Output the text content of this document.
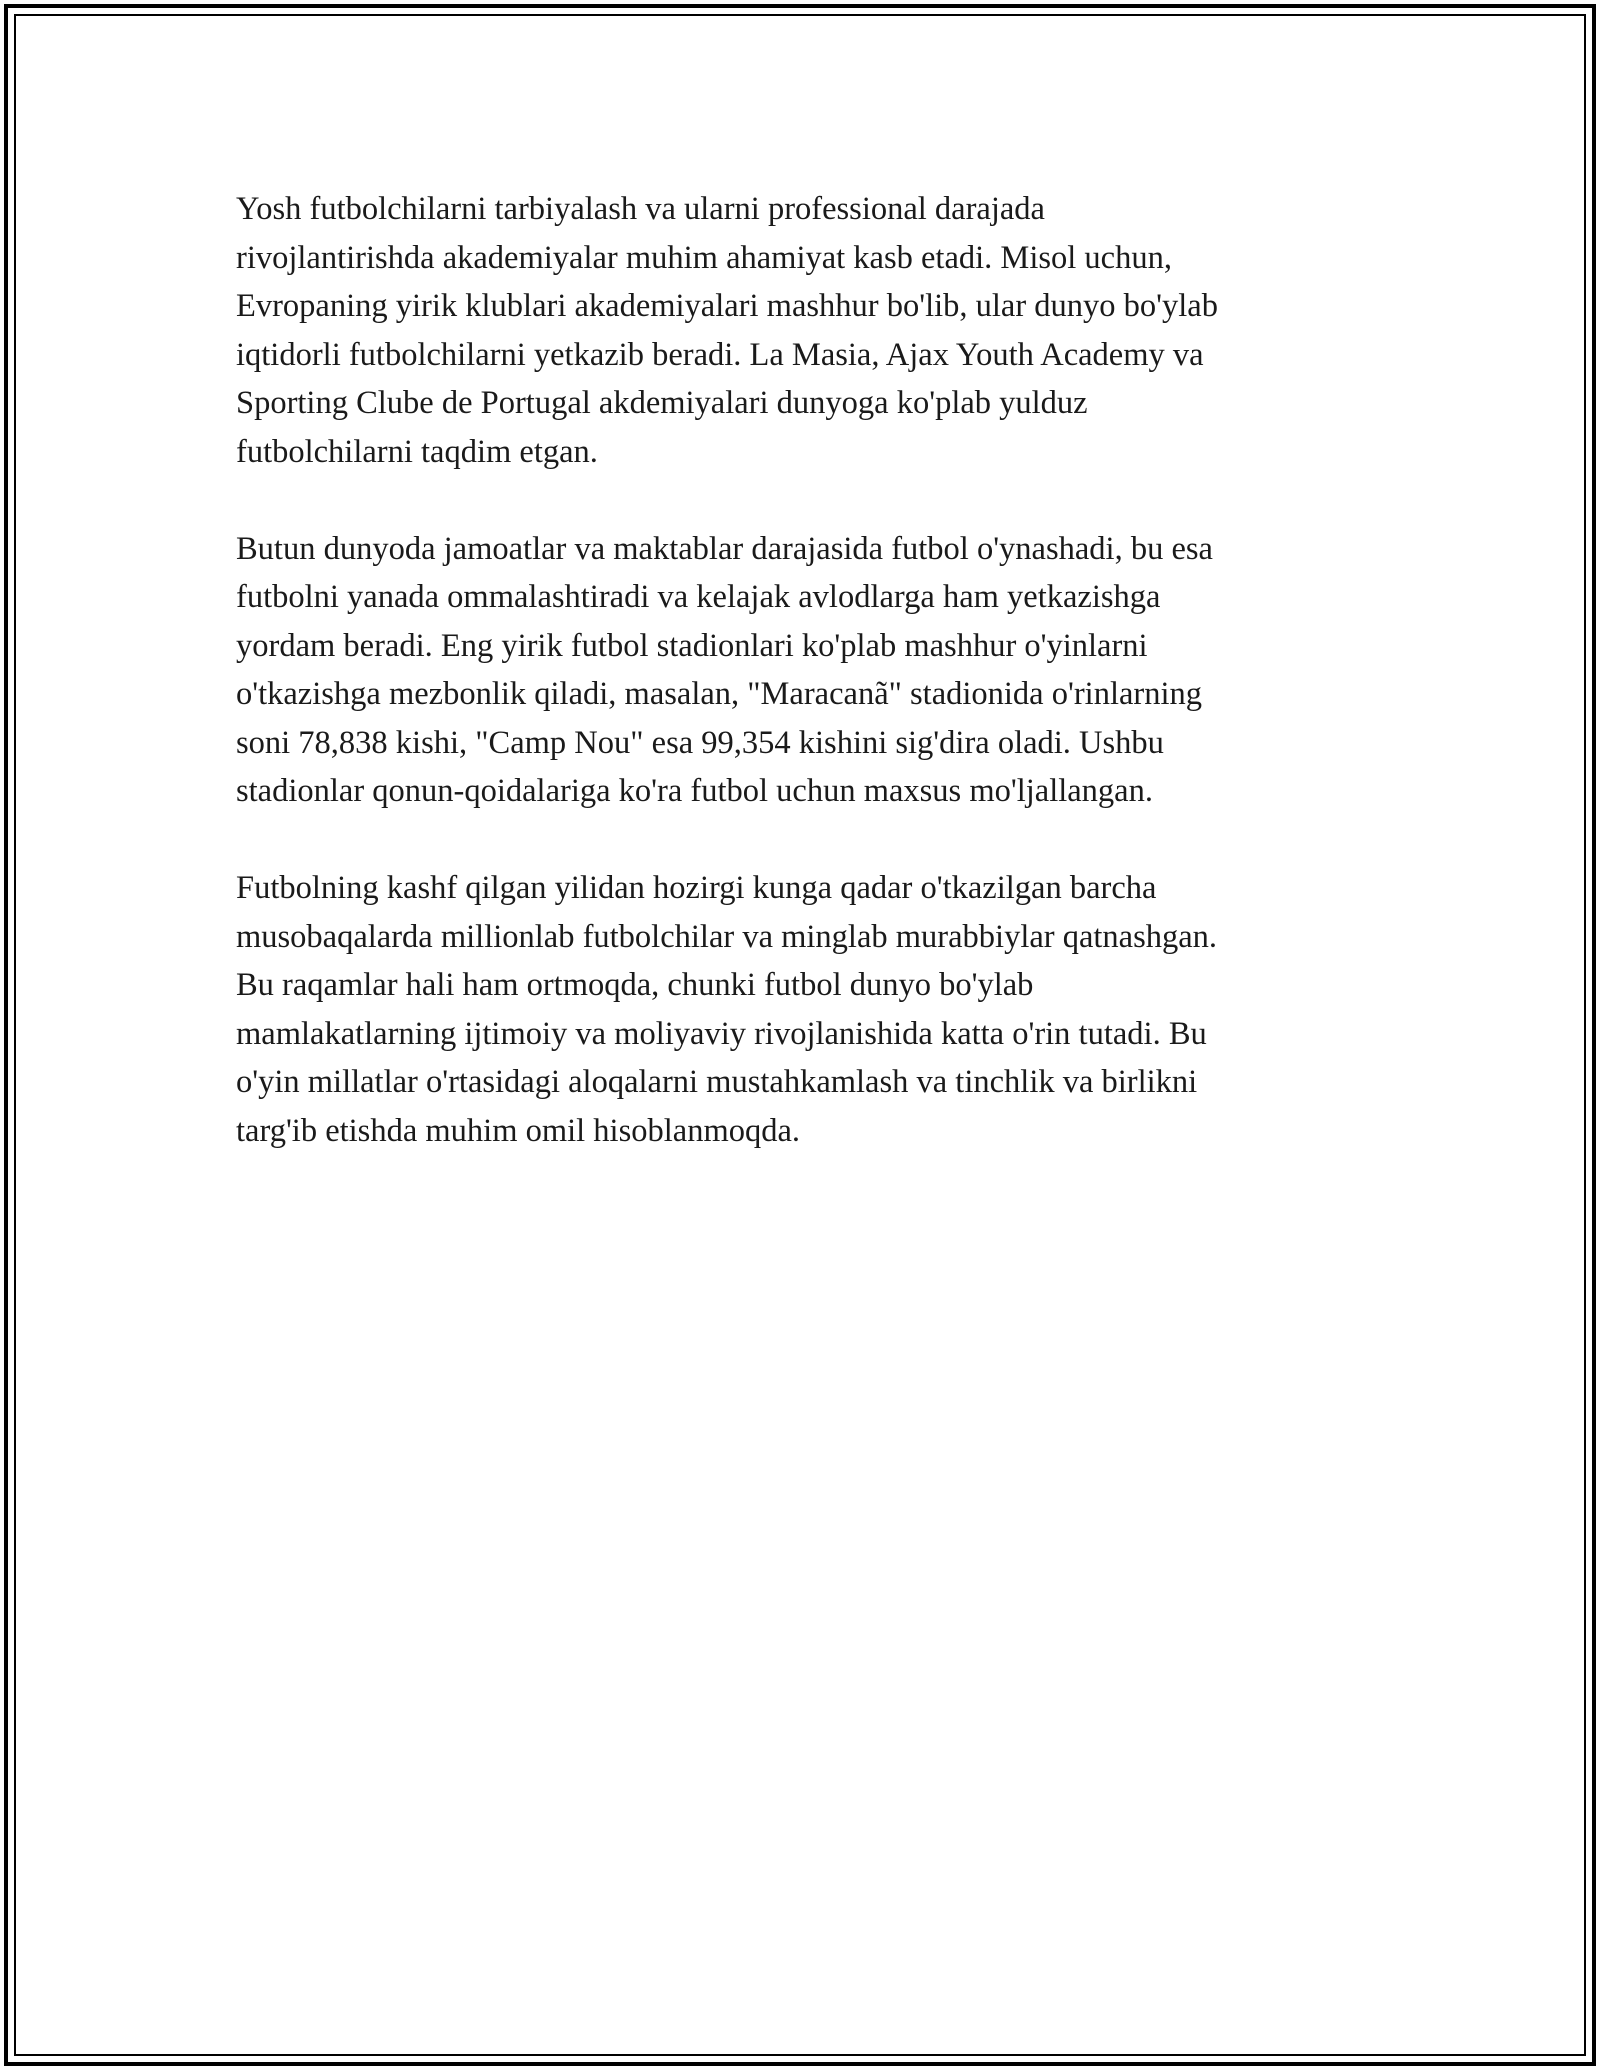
Yosh futbolchilarni tarbiyalash va ularni professional darajada
rivojlantirishda akademiyalar muhim ahamiyat kasb etadi. Misol uchun,
Evropaning yirik klublari akademiyalari mashhur bo'lib, ular dunyo bo'ylab
iqtidorli futbolchilarni yetkazib beradi. La Masia, Ajax Youth Academy va
Sporting Clube de Portugal akdemiyalari dunyoga ko'plab yulduz
futbolchilarni taqdim etgan.

Butun dunyoda jamoatlar va maktablar darajasida futbol o'ynashadi, bu esa
futbolni yanada ommalashtiradi va kelajak avlodlarga ham yetkazishga
yordam beradi. Eng yirik futbol stadionlari ko'plab mashhur o'yinlarni
o'tkazishga mezbonlik qiladi, masalan, "Maracanã" stadionida o'rinlarning
soni 78,838 kishi, "Camp Nou" esa 99,354 kishini sig'dira oladi. Ushbu
stadionlar qonun-qoidalariga ko'ra futbol uchun maxsus mo'ljallangan.

Futbolning kashf qilgan yilidan hozirgi kunga qadar o'tkazilgan barcha
musobaqalarda millionlab futbolchilar va minglab murabbiylar qatnashgan.
Bu raqamlar hali ham ortmoqda, chunki futbol dunyo bo'ylab
mamlakatlarning ijtimoiy va moliyaviy rivojlanishida katta o'rin tutadi. Bu
o'yin millatlar o'rtasidagi aloqalarni mustahkamlash va tinchlik va birlikni
targ'ib etishda muhim omil hisoblanmoqda.
